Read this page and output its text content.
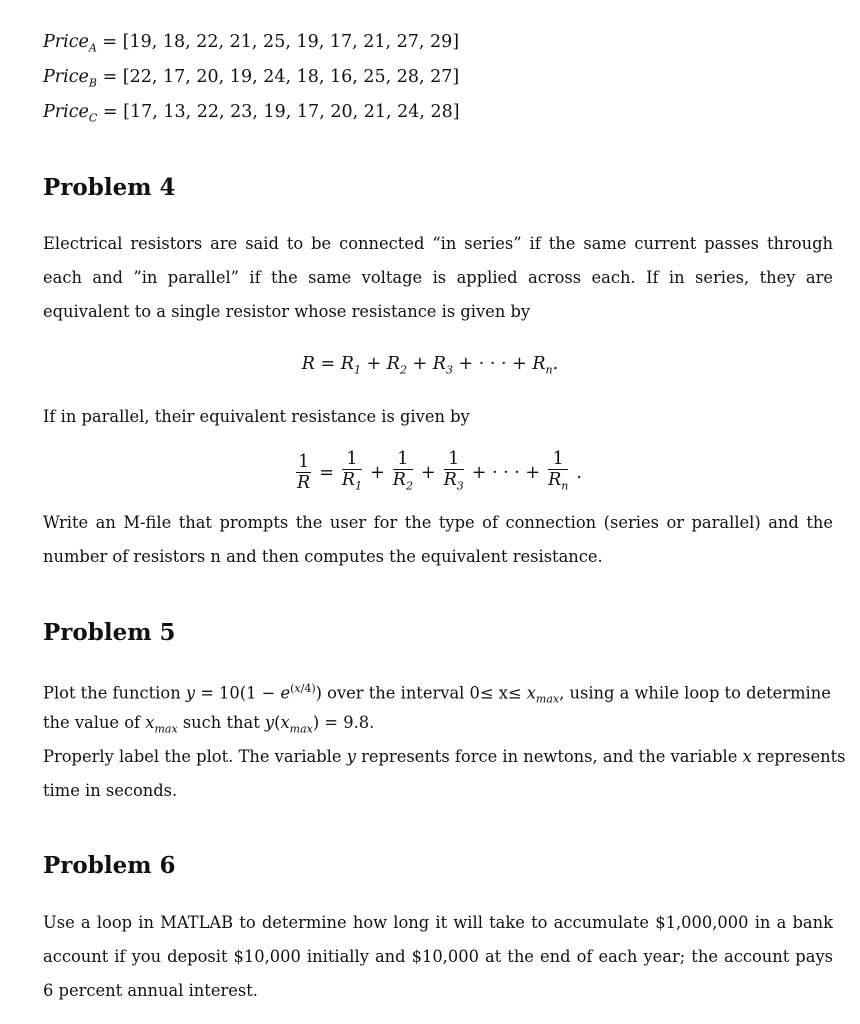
Price$_A$ = [19, 18, 22, 21, 25, 19, 17, 21, 27, 29]
Price$_B$ = [22, 17, 20, 19, 24, 18, 16, 25, 28, 27]
Price$_C$ = [17, 13, 22, 23, 19, 17, 20, 21, 24, 28]
Problem 4
Electrical resistors are said to be connected “in series” if the same current passes through each and ”in parallel” if the same voltage is applied across each. If in series, they are equivalent to a single resistor whose resistance is given by
$R = R_1 + R_2 + R_3$ + · · · + $R_n$.
If in parallel, their equivalent resistance is given by
$\frac{1}{R} = \frac{1}{R_1} + \frac{1}{R_2} + \frac{1}{R_3}$ + · · · + $\frac{1}{R_n}$ .
Write an M-file that prompts the user for the type of connection (series or parallel) and the number of resistors n and then computes the equivalent resistance.
Problem 5
Plot the function $y = 10(1 - e^{(x/4)})$ over the interval $0\le x\le x_{max}$, using a while loop to determine
the value of $x_{max}$ such that $y(x_{max}) = 9.8$.
Properly label the plot. The variable y represents force in newtons, and the variable x represents
time in seconds.
Problem 6
Use a loop in MATLAB to determine how long it will take to accumulate $1,000,000 in a bank account if you deposit $10,000 initially and $10,000 at the end of each year; the account pays 6 percent annual interest.
